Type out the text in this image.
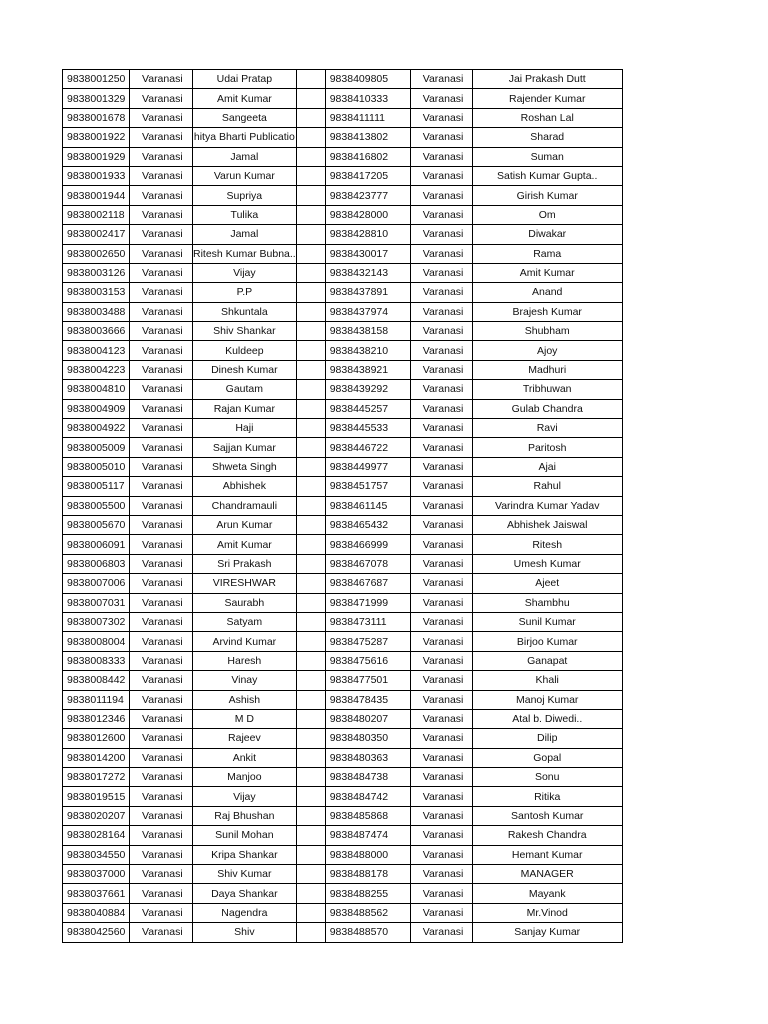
9838001250	Varanasi	Udai Pratap		9838409805	Varanasi	Jai Prakash Dutt
9838001329	Varanasi	Amit Kumar		9838410333	Varanasi	Rajender Kumar
9838001678	Varanasi	Sangeeta		9838411111	Varanasi	Roshan Lal
9838001922	Varanasi	hitya Bharti Publicatio		9838413802	Varanasi	Sharad
9838001929	Varanasi	Jamal		9838416802	Varanasi	Suman
9838001933	Varanasi	Varun Kumar		9838417205	Varanasi	Satish Kumar Gupta..
9838001944	Varanasi	Supriya		9838423777	Varanasi	Girish Kumar
9838002118	Varanasi	Tulika		9838428000	Varanasi	Om
9838002417	Varanasi	Jamal		9838428810	Varanasi	Diwakar
9838002650	Varanasi	Ritesh Kumar Bubna..		9838430017	Varanasi	Rama
9838003126	Varanasi	Vijay		9838432143	Varanasi	Amit Kumar
9838003153	Varanasi	P.P		9838437891	Varanasi	Anand
9838003488	Varanasi	Shkuntala		9838437974	Varanasi	Brajesh Kumar
9838003666	Varanasi	Shiv Shankar		9838438158	Varanasi	Shubham
9838004123	Varanasi	Kuldeep		9838438210	Varanasi	Ajoy
9838004223	Varanasi	Dinesh Kumar		9838438921	Varanasi	Madhuri
9838004810	Varanasi	Gautam		9838439292	Varanasi	Tribhuwan
9838004909	Varanasi	Rajan Kumar		9838445257	Varanasi	Gulab Chandra
9838004922	Varanasi	Haji		9838445533	Varanasi	Ravi
9838005009	Varanasi	Sajjan Kumar		9838446722	Varanasi	Paritosh
9838005010	Varanasi	Shweta Singh		9838449977	Varanasi	Ajai
9838005117	Varanasi	Abhishek		9838451757	Varanasi	Rahul
9838005500	Varanasi	Chandramauli		9838461145	Varanasi	Varindra Kumar Yadav
9838005670	Varanasi	Arun Kumar		9838465432	Varanasi	Abhishek Jaiswal
9838006091	Varanasi	Amit Kumar		9838466999	Varanasi	Ritesh
9838006803	Varanasi	Sri Prakash		9838467078	Varanasi	Umesh Kumar
9838007006	Varanasi	VIRESHWAR		9838467687	Varanasi	Ajeet
9838007031	Varanasi	Saurabh		9838471999	Varanasi	Shambhu
9838007302	Varanasi	Satyam		9838473111	Varanasi	Sunil Kumar
9838008004	Varanasi	Arvind Kumar		9838475287	Varanasi	Birjoo Kumar
9838008333	Varanasi	Haresh		9838475616	Varanasi	Ganapat
9838008442	Varanasi	Vinay		9838477501	Varanasi	Khali
9838011194	Varanasi	Ashish		9838478435	Varanasi	Manoj Kumar
9838012346	Varanasi	M D		9838480207	Varanasi	Atal b. Diwedi..
9838012600	Varanasi	Rajeev		9838480350	Varanasi	Dilip
9838014200	Varanasi	Ankit		9838480363	Varanasi	Gopal
9838017272	Varanasi	Manjoo		9838484738	Varanasi	Sonu
9838019515	Varanasi	Vijay		9838484742	Varanasi	Ritika
9838020207	Varanasi	Raj Bhushan		9838485868	Varanasi	Santosh Kumar
9838028164	Varanasi	Sunil Mohan		9838487474	Varanasi	Rakesh Chandra
9838034550	Varanasi	Kripa Shankar		9838488000	Varanasi	Hemant Kumar
9838037000	Varanasi	Shiv Kumar		9838488178	Varanasi	MANAGER
9838037661	Varanasi	Daya Shankar		9838488255	Varanasi	Mayank
9838040884	Varanasi	Nagendra		9838488562	Varanasi	Mr.Vinod
9838042560	Varanasi	Shiv		9838488570	Varanasi	Sanjay Kumar
